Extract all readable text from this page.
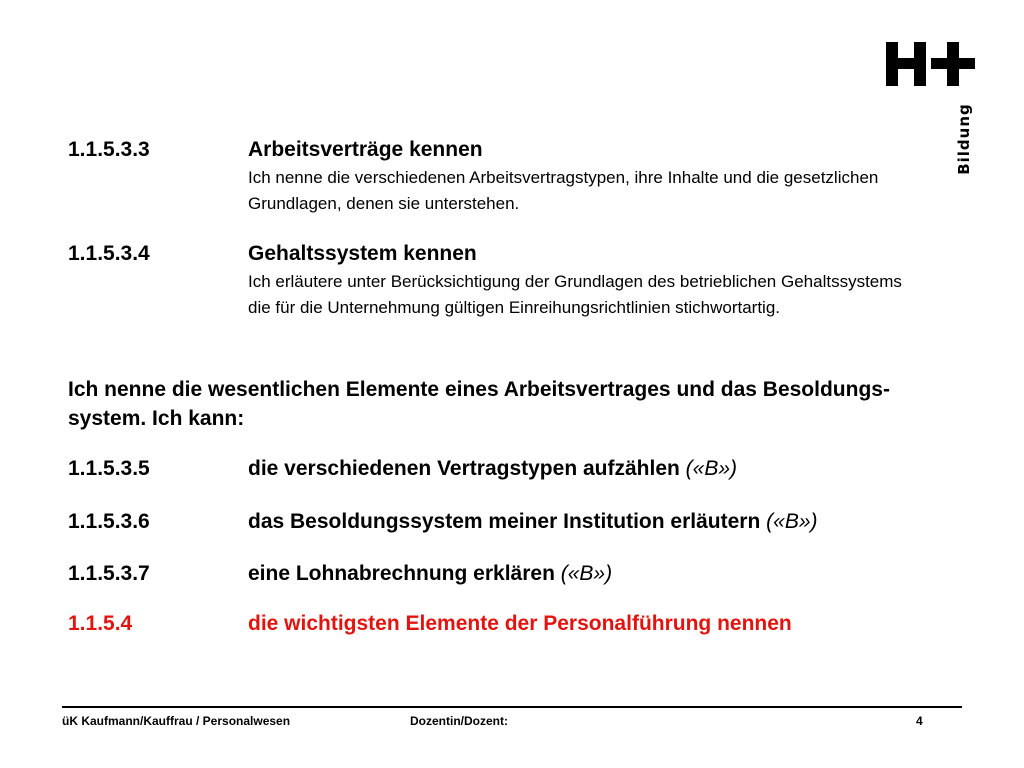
Bildung
1.1.5.3.3	Arbeitsverträge kennen
Ich nenne die verschiedenen Arbeitsvertragstypen, ihre Inhalte und die gesetzlichen Grundlagen, denen sie unterstehen.
1.1.5.3.4	Gehaltssystem kennen
Ich erläutere unter Berücksichtigung der Grundlagen des betrieblichen Gehaltssystems die für die Unternehmung gültigen Einreihungsrichtlinien stichwortartig.
Ich nenne die wesentlichen Elemente eines Arbeitsvertrages und das Besoldungs-
system. Ich kann:
1.1.5.3.5	die verschiedenen Vertragstypen aufzählen («B»)
1.1.5.3.6	das Besoldungssystem meiner Institution erläutern («B»)
1.1.5.3.7	eine Lohnabrechnung erklären («B»)
1.1.5.4	die wichtigsten Elemente der Personalführung nennen
üK Kaufmann/Kauffrau / Personalwesen	Dozentin/Dozent:	4
